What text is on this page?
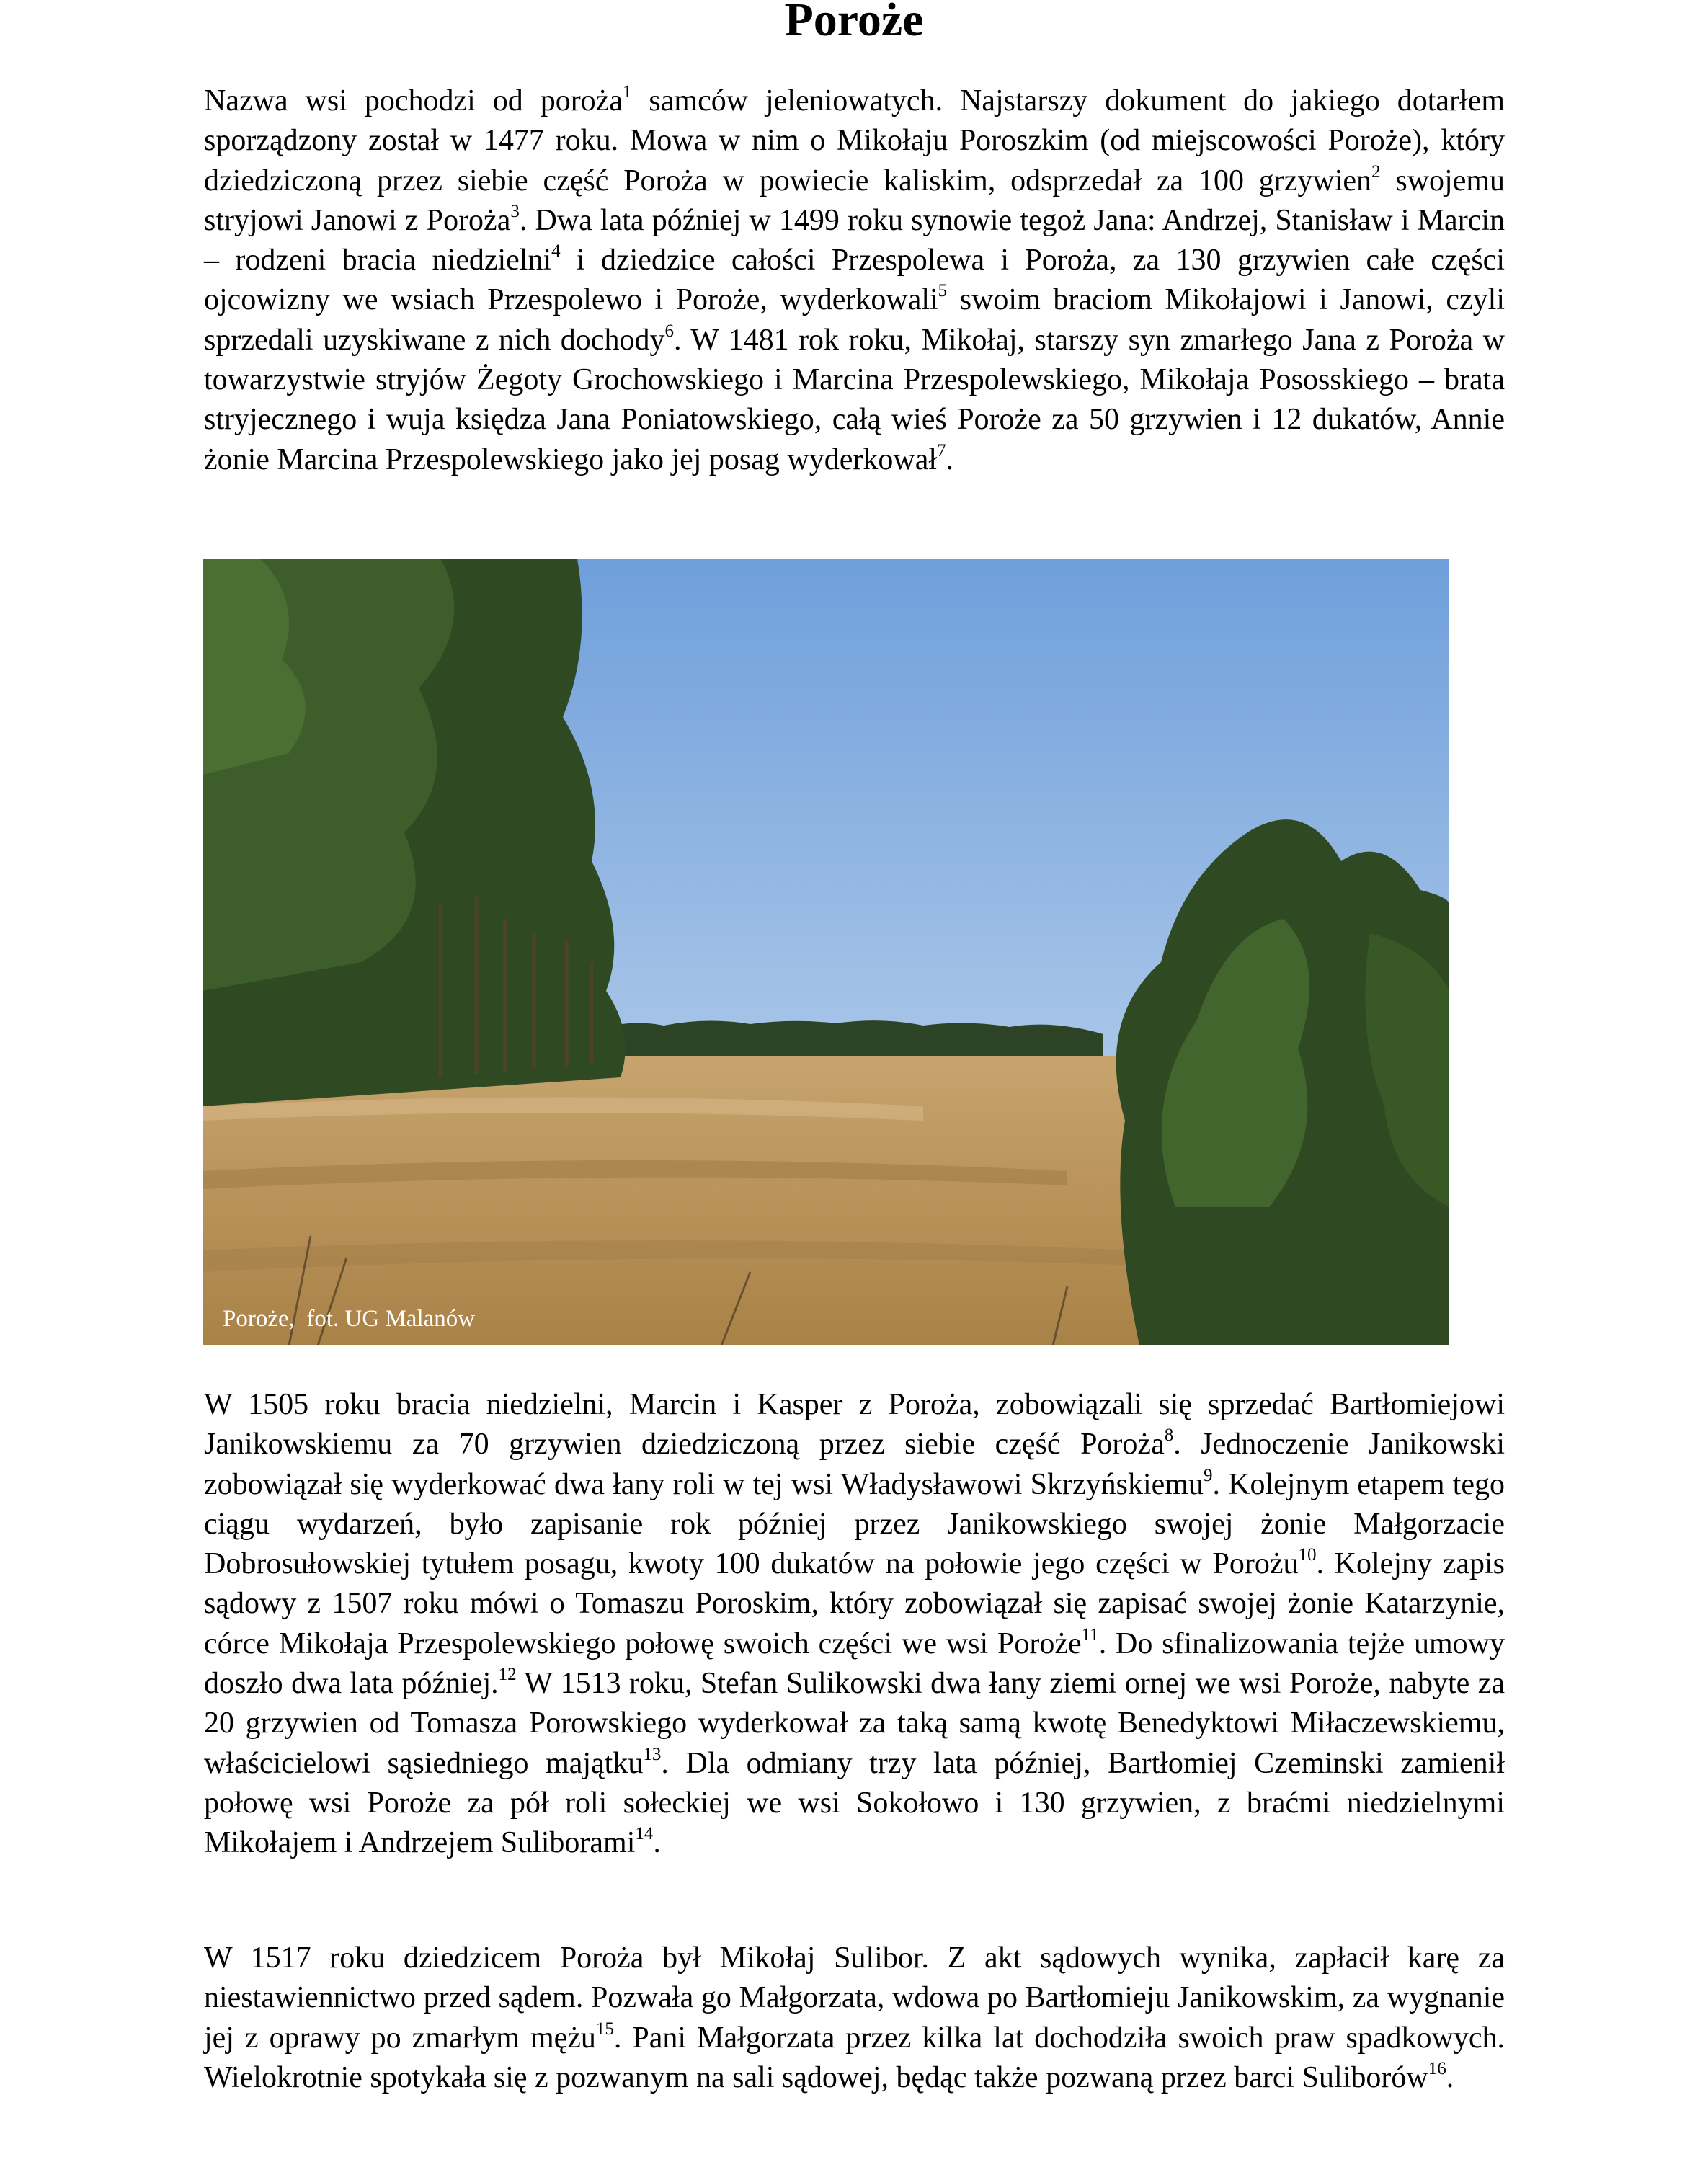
Poroże

Nazwa wsi pochodzi od poroża$^1$ samców jeleniowatych. Najstarszy dokument do jakiego dotarłem sporządzony został w 1477 roku. Mowa w nim o Mikołaju Poroszkim (od miejscowości Poroże), który dziedziczoną przez siebie część Poroża w powiecie kaliskim, odsprzedał za 100 grzywien$^2$ swojemu stryjowi Janowi z Poroża$^3$. Dwa lata później w 1499 roku synowie tegoż Jana: Andrzej, Stanisław i Marcin – rodzeni bracia niedzielni$^4$ i dziedzice całości Przespolewa i Poroża, za 130 grzywien całe części ojcowizny we wsiach Przespolewo i Poroże, wyderkowali$^5$ swoim braciom Mikołajowi i Janowi, czyli sprzedali uzyskiwane z nich dochody$^6$. W 1481 rok roku, Mikołaj, starszy syn zmarłego Jana z Poroża w towarzystwie stryjów Żegoty Grochowskiego i Marcina Przespolewskiego, Mikołaja Pososskiego – brata stryjecznego i wuja księdza Jana Poniatowskiego, całą wieś Poroże za 50 grzywien i 12 dukatów, Annie żonie Marcina Przespolewskiego jako jej posag wyderkował$^7$.

Poroże,  fot. UG Malanów

W 1505 roku bracia niedzielni, Marcin i Kasper z Poroża, zobowiązali się sprzedać Bartłomiejowi Janikowskiemu za 70 grzywien dziedziczoną przez siebie część Poroża$^8$. Jednoczenie Janikowski zobowiązał się wyderkować dwa łany roli w tej wsi Władysławowi Skrzyńskiemu$^9$. Kolejnym etapem tego ciągu wydarzeń, było zapisanie rok później przez Janikowskiego swojej żonie Małgorzacie Dobrosułowskiej tytułem posagu, kwoty 100 dukatów na połowie jego części w Porożu$^{10}$. Kolejny zapis sądowy z 1507 roku mówi o Tomaszu Poroskim, który zobowiązał się zapisać swojej żonie Katarzynie, córce Mikołaja Przespolewskiego połowę swoich części we wsi Poroże$^{11}$. Do sfinalizowania tejże umowy doszło dwa lata później.$^{12}$ W 1513 roku, Stefan Sulikowski dwa łany ziemi ornej we wsi Poroże, nabyte za 20 grzywien od Tomasza Porowskiego wyderkował za taką samą kwotę Benedyktowi Miłaczewskiemu, właścicielowi sąsiedniego majątku$^{13}$. Dla odmiany trzy lata później, Bartłomiej Czeminski zamienił połowę wsi Poroże za pół roli sołeckiej we wsi Sokołowo i 130 grzywien, z braćmi niedzielnymi Mikołajem i Andrzejem Suliborami$^{14}$.

W 1517 roku dziedzicem Poroża był Mikołaj Sulibor. Z akt sądowych wynika, zapłacił karę za niestawiennictwo przed sądem. Pozwała go Małgorzata, wdowa po Bartłomieju Janikowskim, za wygnanie jej z oprawy po zmarłym mężu$^{15}$. Pani Małgorzata przez kilka lat dochodziła swoich praw spadkowych. Wielokrotnie spotykała się z pozwanym na sali sądowej, będąc także pozwaną przez barci Suliborów$^{16}$.
